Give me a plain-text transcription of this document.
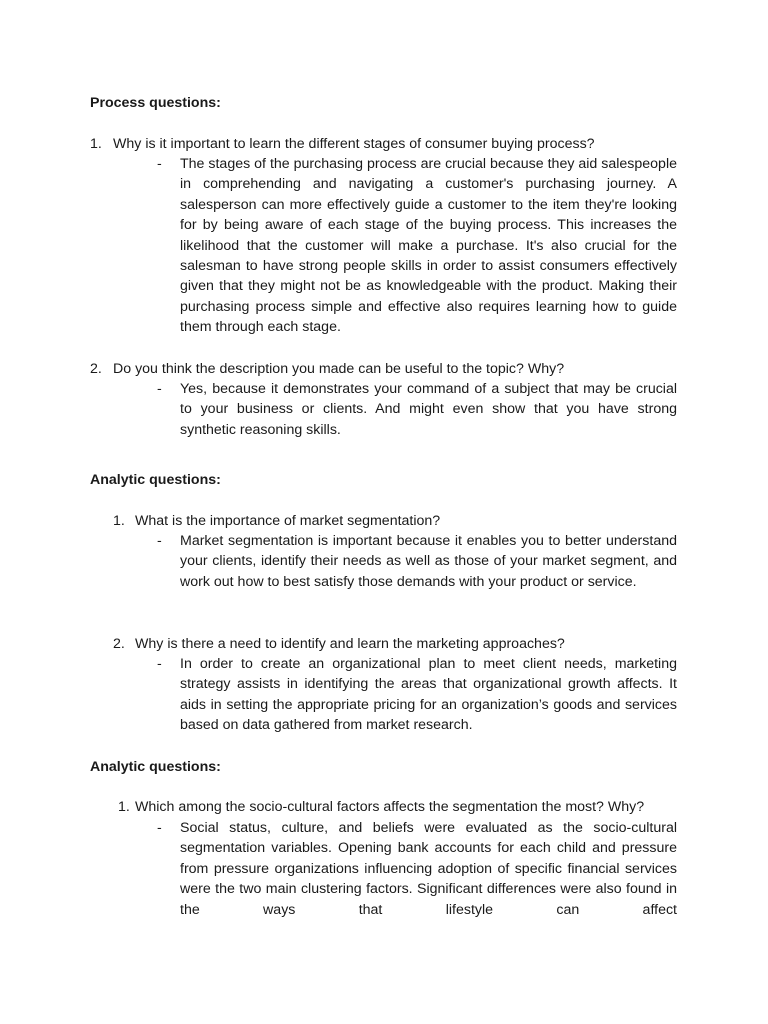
Process questions:
1. Why is it important to learn the different stages of consumer buying process?
- The stages of the purchasing process are crucial because they aid salespeople in comprehending and navigating a customer's purchasing journey. A salesperson can more effectively guide a customer to the item they're looking for by being aware of each stage of the buying process. This increases the likelihood that the customer will make a purchase. It's also crucial for the salesman to have strong people skills in order to assist consumers effectively given that they might not be as knowledgeable with the product. Making their purchasing process simple and effective also requires learning how to guide them through each stage.
2. Do you think the description you made can be useful to the topic? Why?
- Yes, because it demonstrates your command of a subject that may be crucial to your business or clients. And might even show that you have strong synthetic reasoning skills.
Analytic questions:
1. What is the importance of market segmentation?
- Market segmentation is important because it enables you to better understand your clients, identify their needs as well as those of your market segment, and work out how to best satisfy those demands with your product or service.
2. Why is there a need to identify and learn the marketing approaches?
- In order to create an organizational plan to meet client needs, marketing strategy assists in identifying the areas that organizational growth affects. It aids in setting the appropriate pricing for an organization’s goods and services based on data gathered from market research.
Analytic questions:
1. Which among the socio-cultural factors affects the segmentation the most? Why?
- Social status, culture, and beliefs were evaluated as the socio-cultural segmentation variables. Opening bank accounts for each child and pressure from pressure organizations influencing adoption of specific financial services were the two main clustering factors. Significant differences were also found in the ways that lifestyle can affect
